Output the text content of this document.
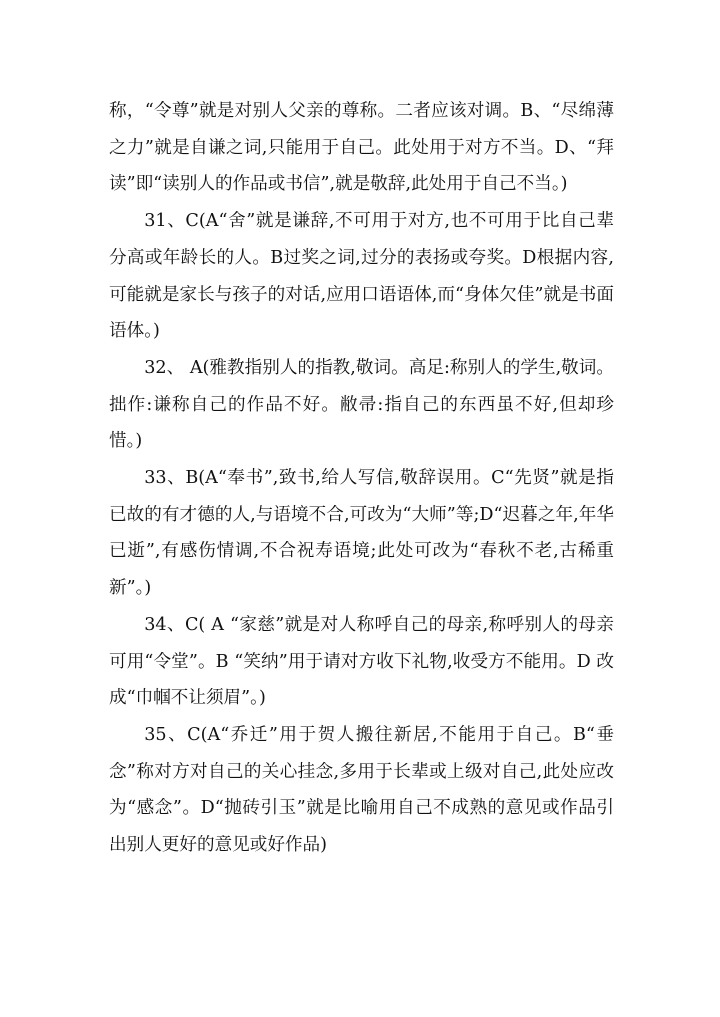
称，“令尊”就是对别人父亲的尊称。二者应该对调。B、“尽绵薄之力”就是自谦之词,只能用于自己。此处用于对方不当。D、“拜读”即“读别人的作品或书信”,就是敬辞,此处用于自己不当。)

31、C(A“舍”就是谦辞,不可用于对方,也不可用于比自己辈分高或年龄长的人。B过奖之词,过分的表扬或夸奖。D根据内容,可能就是家长与孩子的对话,应用口语语体,而“身体欠佳”就是书面语体。)

32、 A(雅教指别人的指教,敬词。高足:称别人的学生,敬词。拙作:谦称自己的作品不好。敝帚:指自己的东西虽不好,但却珍惜。)

33、B(A“奉书”,致书,给人写信,敬辞误用。C“先贤”就是指已故的有才德的人,与语境不合,可改为“大师”等;D“迟暮之年,年华已逝”,有感伤情调,不合祝寿语境;此处可改为“春秋不老,古稀重新”。)

34、C( A “家慈”就是对人称呼自己的母亲,称呼别人的母亲可用“令堂”。B “笑纳”用于请对方收下礼物,收受方不能用。D 改成“巾帼不让须眉”。)

35、C(A“乔迁”用于贺人搬往新居,不能用于自己。B“垂念”称对方对自己的关心挂念,多用于长辈或上级对自己,此处应改为“感念”。D“抛砖引玉”就是比喻用自己不成熟的意见或作品引出别人更好的意见或好作品)
